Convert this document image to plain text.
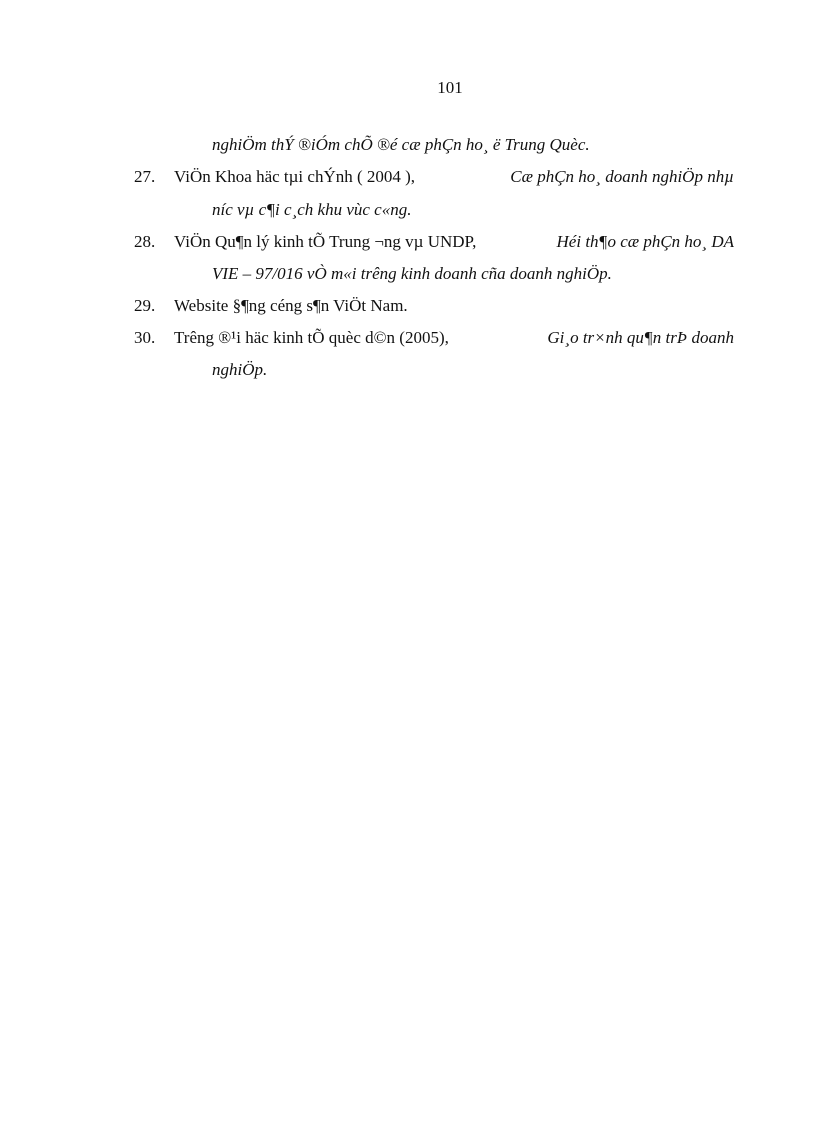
101
nghiÖm thÝ ®iÓm chÕ ®é cæ phÇn ho¸ ë Trung Quèc.
27. ViÖn Khoa häc tµi chÝnh ( 2004 ),	Cæ phÇn ho¸ doanh nghiÖp nhµ
níc vµ c¶i c¸ch khu vùc c«ng.
28. ViÖn Qu¶n lý kinh tÕ Trung ¬ng vµ UNDP,	Héi th¶o cæ phÇn ho¸ DA
VIE – 97/016 vÒ m«i trêng kinh doanh cña doanh nghiÖp.
29. Website §¶ng céng s¶n ViÖt Nam.
30. Trêng ®¹i häc kinh tÕ quèc d©n (2005),	Gi¸o tr×nh qu¶n trÞ doanh
nghiÖp.
